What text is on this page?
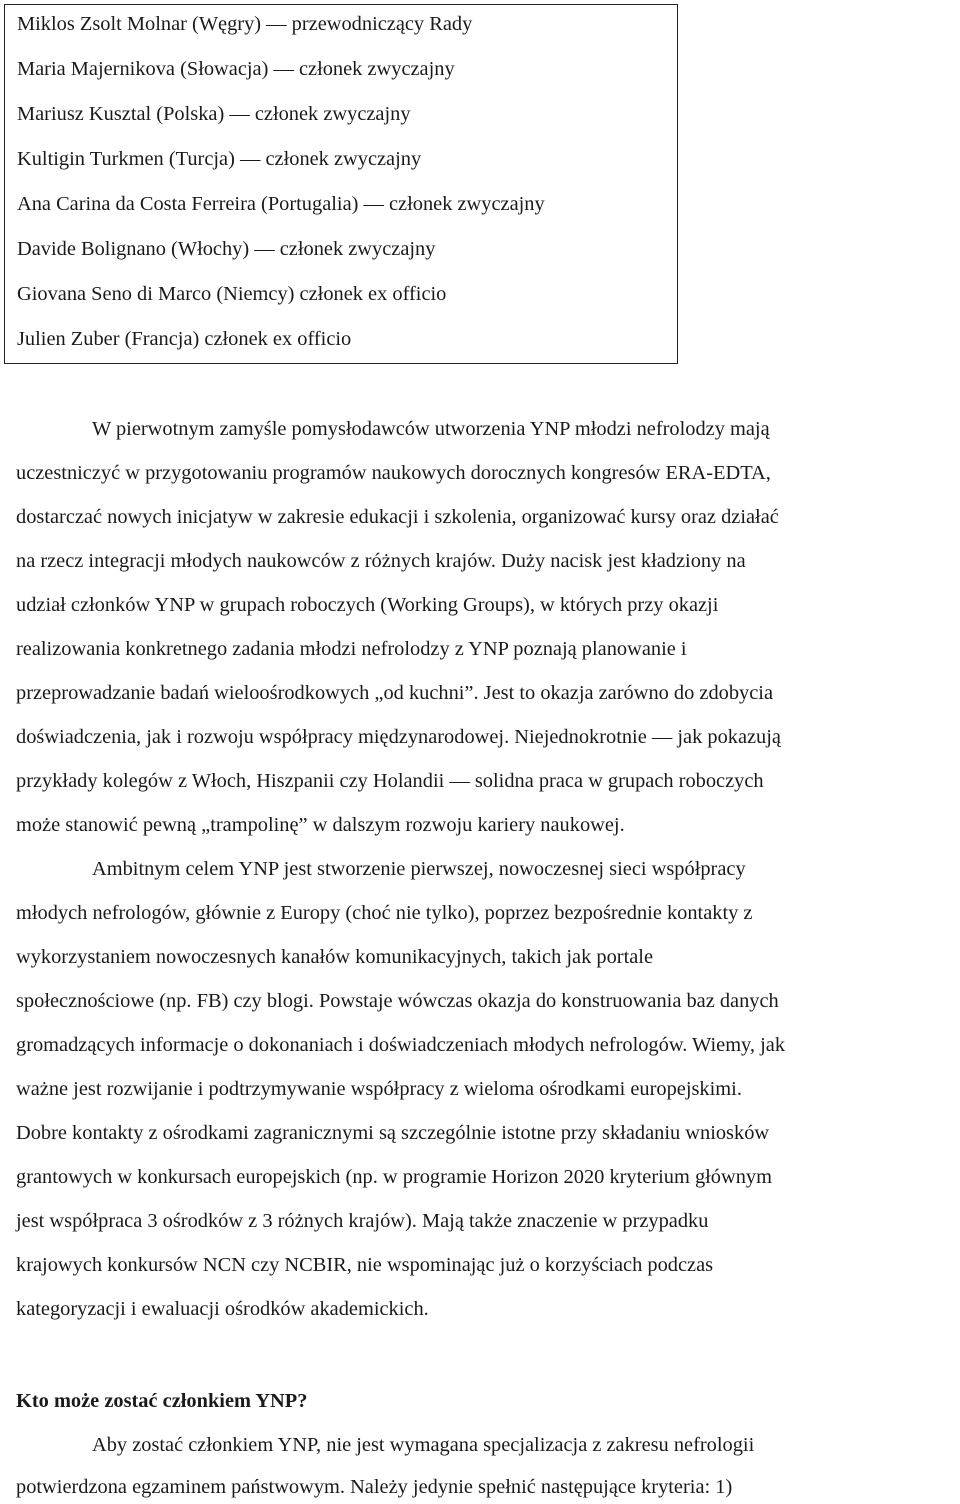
Miklos Zsolt Molnar (Węgry) — przewodniczący Rady
Maria Majernikova (Słowacja) — członek zwyczajny
Mariusz Kusztal (Polska) — członek zwyczajny
Kultigin Turkmen (Turcja) — członek zwyczajny
Ana Carina da Costa Ferreira (Portugalia) — członek zwyczajny
Davide Bolignano (Włochy) — członek zwyczajny
Giovana Seno di Marco (Niemcy) członek ex officio
Julien Zuber (Francja) członek ex officio
W pierwotnym zamyśle pomysłodawców utworzenia YNP młodzi nefrolodzy mają
uczestniczyć w przygotowaniu programów naukowych dorocznych kongresów ERA-EDTA,
dostarczać nowych inicjatyw w zakresie edukacji i szkolenia, organizować kursy oraz działać
na rzecz integracji młodych naukowców z różnych krajów. Duży nacisk jest kładziony na
udział członków YNP w grupach roboczych (Working Groups), w których przy okazji
realizowania konkretnego zadania młodzi nefrolodzy z YNP poznają planowanie i
przeprowadzanie badań wieloośrodkowych „od kuchni”. Jest to okazja zarówno do zdobycia
doświadczenia, jak i rozwoju współpracy międzynarodowej. Niejednokrotnie — jak pokazują
przykłady kolegów z Włoch, Hiszpanii czy Holandii — solidna praca w grupach roboczych
może stanowić pewną „trampolinę” w dalszym rozwoju kariery naukowej.
Ambitnym celem YNP jest stworzenie pierwszej, nowoczesnej sieci współpracy
młodych nefrologów, głównie z Europy (choć nie tylko), poprzez bezpośrednie kontakty z
wykorzystaniem nowoczesnych kanałów komunikacyjnych, takich jak portale
społecznościowe (np. FB) czy blogi. Powstaje wówczas okazja do konstruowania baz danych
gromadzących informacje o dokonaniach i doświadczeniach młodych nefrologów. Wiemy, jak
ważne jest rozwijanie i podtrzymywanie współpracy z wieloma ośrodkami europejskimi.
Dobre kontakty z ośrodkami zagranicznymi są szczególnie istotne przy składaniu wniosków
grantowych w konkursach europejskich (np. w programie Horizon 2020 kryterium głównym
jest współpraca 3 ośrodków z 3 różnych krajów). Mają także znaczenie w przypadku
krajowych konkursów NCN czy NCBIR, nie wspominając już o korzyściach podczas
kategoryzacji i ewaluacji ośrodków akademickich.
Kto może zostać członkiem YNP?
Aby zostać członkiem YNP, nie jest wymagana specjalizacja z zakresu nefrologii
potwierdzona egzaminem państwowym. Należy jedynie spełnić następujące kryteria: 1)
